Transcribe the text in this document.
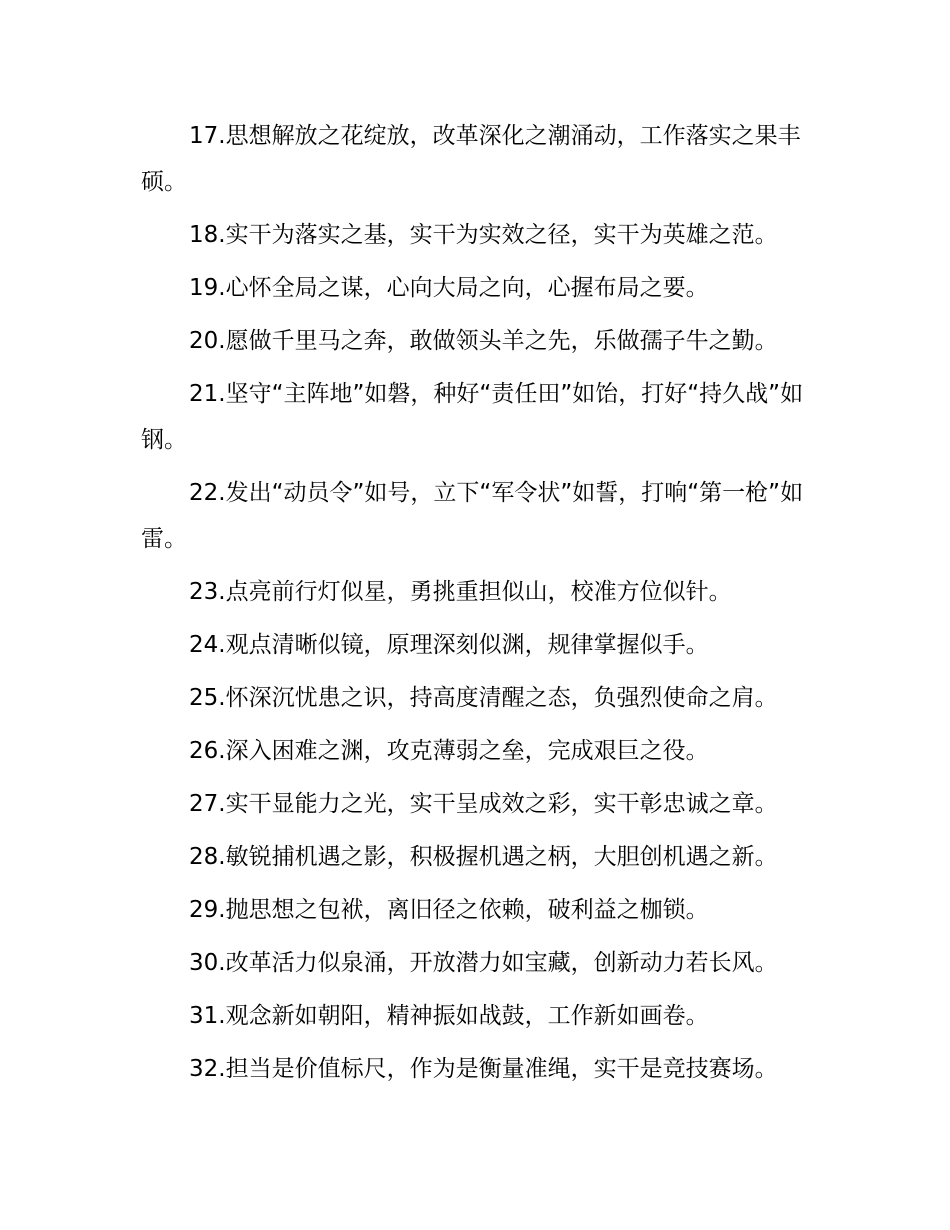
17.思想解放之花绽放，改革深化之潮涌动，工作落实之果丰硕。

18.实干为落实之基，实干为实效之径，实干为英雄之范。

19.心怀全局之谋，心向大局之向，心握布局之要。

20.愿做千里马之奔，敢做领头羊之先，乐做孺子牛之勤。

21.坚守“主阵地”如磐，种好“责任田”如饴，打好“持久战”如钢。

22.发出“动员令”如号，立下“军令状”如誓，打响“第一枪”如雷。

23.点亮前行灯似星，勇挑重担似山，校准方位似针。

24.观点清晰似镜，原理深刻似渊，规律掌握似手。

25.怀深沉忧患之识，持高度清醒之态，负强烈使命之肩。

26.深入困难之渊，攻克薄弱之垒，完成艰巨之役。

27.实干显能力之光，实干呈成效之彩，实干彰忠诚之章。

28.敏锐捕机遇之影，积极握机遇之柄，大胆创机遇之新。

29.抛思想之包袱，离旧径之依赖，破利益之枷锁。

30.改革活力似泉涌，开放潜力如宝藏，创新动力若长风。

31.观念新如朝阳，精神振如战鼓，工作新如画卷。

32.担当是价值标尺，作为是衡量准绳，实干是竞技赛场。
